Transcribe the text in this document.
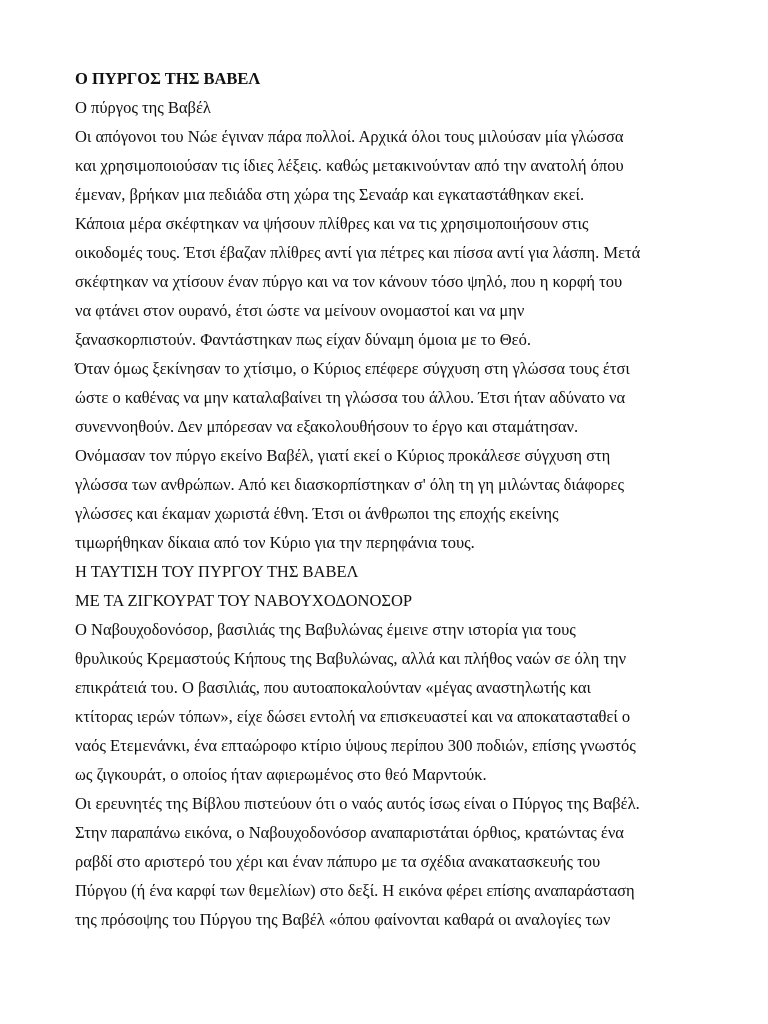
Ο ΠΥΡΓΟΣ ΤΗΣ ΒΑΒΕΛ
Ο πύργος της Βαβέλ
Οι απόγονοι του Νώε έγιναν πάρα πολλοί. Αρχικά όλοι τους μιλούσαν μία γλώσσα
και χρησιμοποιούσαν τις ίδιες λέξεις. καθώς μετακινούνταν από την ανατολή όπου
έμεναν, βρήκαν μια πεδιάδα στη χώρα της Σεναάρ και εγκαταστάθηκαν εκεί.
Κάποια μέρα σκέφτηκαν να ψήσουν πλίθρες και να τις χρησιμοποιήσουν στις
οικοδομές τους. Έτσι έβαζαν πλίθρες αντί για πέτρες και πίσσα αντί για λάσπη. Μετά
σκέφτηκαν να χτίσουν έναν πύργο και να τον κάνουν τόσο ψηλό, που η κορφή του
να φτάνει στον ουρανό, έτσι ώστε να μείνουν ονομαστοί και να μην
ξανασκορπιστούν. Φαντάστηκαν πως είχαν δύναμη όμοια με το Θεό.
Όταν όμως ξεκίνησαν το χτίσιμο, ο Κύριος επέφερε σύγχυση στη γλώσσα τους έτσι
ώστε ο καθένας να μην καταλαβαίνει τη γλώσσα του άλλου. Έτσι ήταν αδύνατο να
συνεννοηθούν. Δεν μπόρεσαν να εξακολουθήσουν το έργο και σταμάτησαν.
Ονόμασαν τον πύργο εκείνο Βαβέλ, γιατί εκεί ο Κύριος προκάλεσε σύγχυση στη
γλώσσα των ανθρώπων. Από κει διασκορπίστηκαν σ' όλη τη γη μιλώντας διάφορες
γλώσσες και έκαμαν χωριστά έθνη. Έτσι οι άνθρωποι της εποχής εκείνης
τιμωρήθηκαν δίκαια από τον Κύριο για την περηφάνια τους.
Η ΤΑΥΤΙΣΗ ΤΟΥ ΠΥΡΓΟΥ ΤΗΣ ΒΑΒΕΛ
ΜΕ ΤΑ ΖΙΓΚΟΥΡΑΤ ΤΟΥ ΝΑΒΟΥΧΟΔΟΝΟΣΟΡ
Ο Ναβουχοδονόσορ, βασιλιάς της Βαβυλώνας έμεινε στην ιστορία για τους
θρυλικούς Κρεμαστούς Κήπους της Βαβυλώνας, αλλά και πλήθος ναών σε όλη την
επικράτειά του. Ο βασιλιάς, που αυτοαποκαλούνταν «μέγας αναστηλωτής και
κτίτορας ιερών τόπων», είχε δώσει εντολή να επισκευαστεί και να αποκατασταθεί ο
ναός Ετεμενάνκι, ένα επταώροφο κτίριο ύψους περίπου 300 ποδιών, επίσης γνωστός
ως ζιγκουράτ, ο οποίος ήταν αφιερωμένος στο θεό Μαρντούκ.
Οι ερευνητές της Βίβλου πιστεύουν ότι ο ναός αυτός ίσως είναι ο Πύργος της Βαβέλ.
Στην παραπάνω εικόνα, ο Ναβουχοδονόσορ αναπαριστάται όρθιος, κρατώντας ένα
ραβδί στο αριστερό του χέρι και έναν πάπυρο με τα σχέδια ανακατασκευής του
Πύργου (ή ένα καρφί των θεμελίων) στο δεξί. Η εικόνα φέρει επίσης αναπαράσταση
της πρόσοψης του Πύργου της Βαβέλ «όπου φαίνονται καθαρά οι αναλογίες των
